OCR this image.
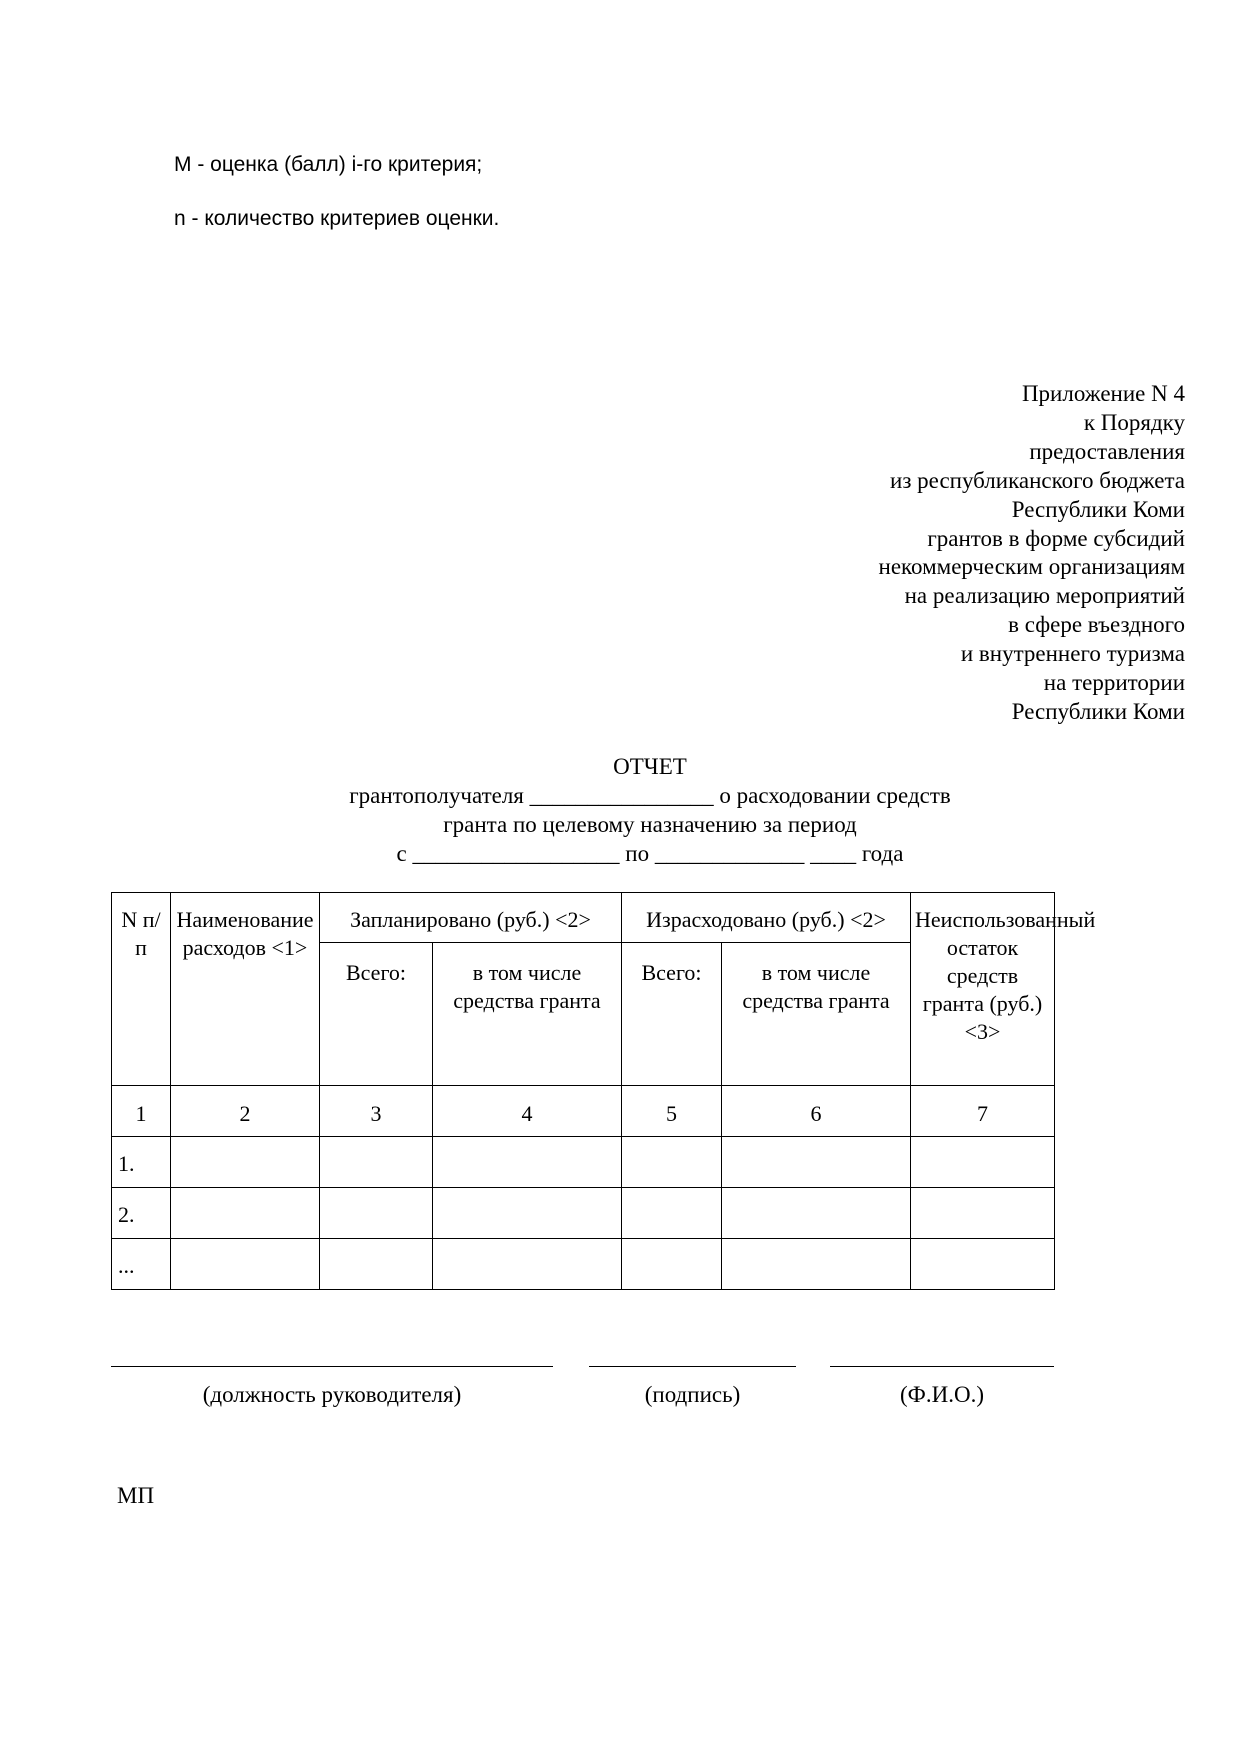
M - оценка (балл) i-го критерия;
n - количество критериев оценки.
Приложение N 4
к Порядку
предоставления
из республиканского бюджета
Республики Коми
грантов в форме субсидий
некоммерческим организациям
на реализацию мероприятий
в сфере въездного
и внутреннего туризма
на территории
Республики Коми
ОТЧЕТ
грантополучателя ________________ о расходовании средств
гранта по целевому назначению за период
с __________________ по _____________ ____ года
N п/п	Наименование расходов <1>	Запланировано (руб.) <2>		Израсходовано (руб.) <2>		Неиспользованный остаток средств гранта (руб.) <3>
		Всего:	в том числе средства гранта	Всего:	в том числе средства гранта	
1	2	3	4	5	6	7
1.						
2.						
...						
(должность руководителя)	(подпись)	(Ф.И.О.)
МП
